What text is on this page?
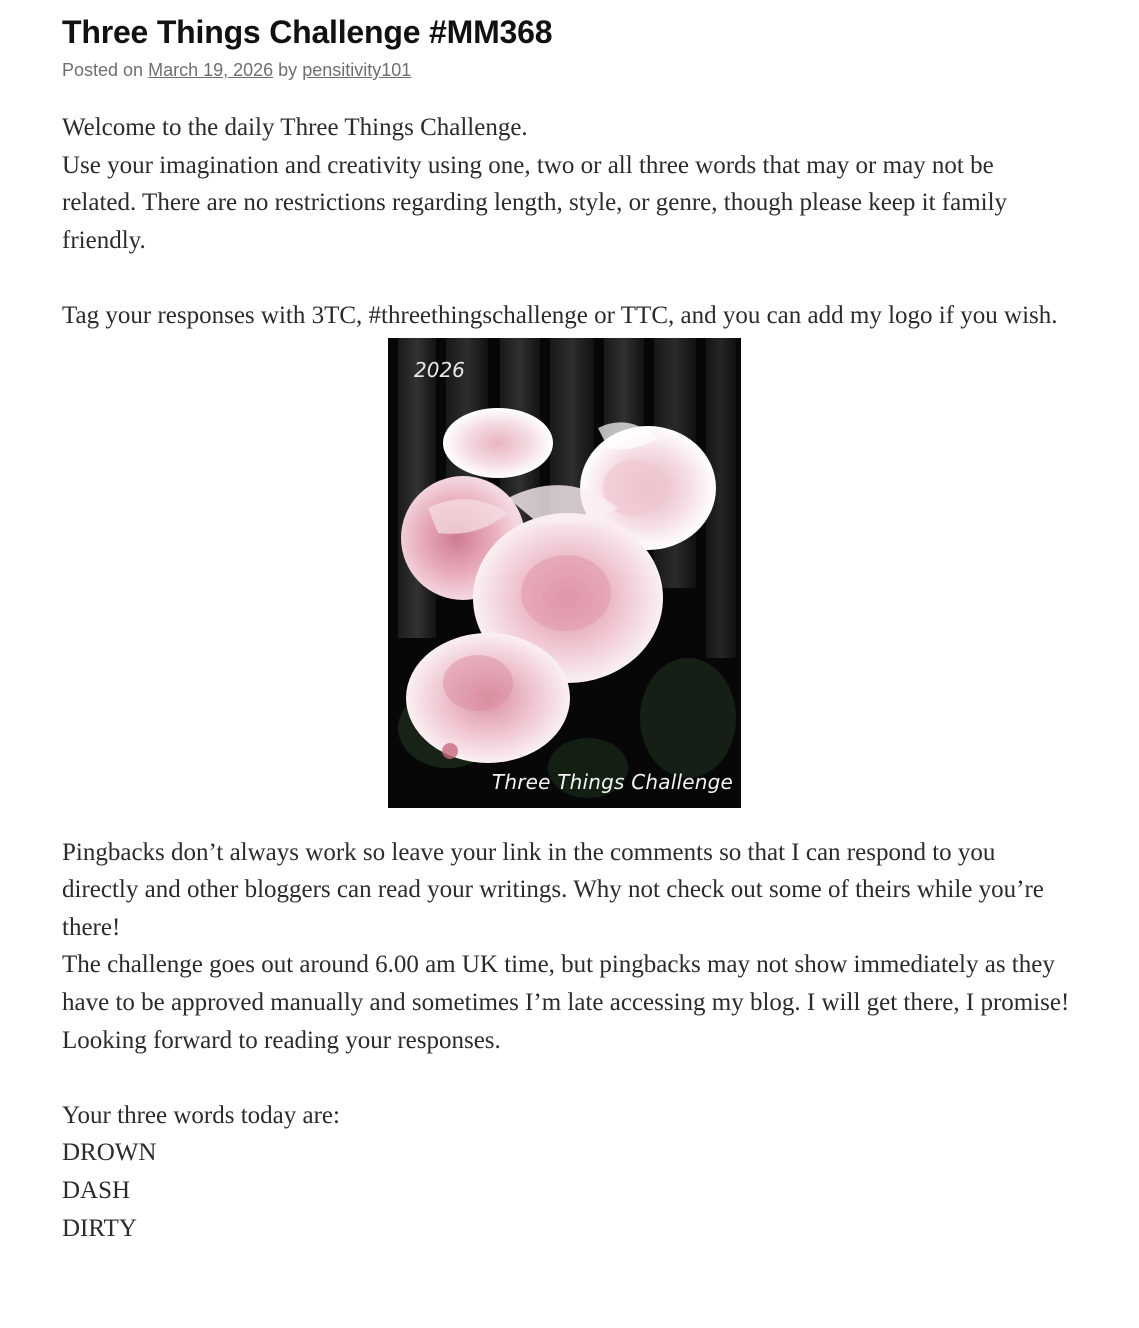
Three Things Challenge #MM368
Posted on March 19, 2026 by pensitivity101

Welcome to the daily Three Things Challenge.

Use your imagination and creativity using one, two or all three words that may or may not be related. There are no restrictions regarding length, style, or genre, though please keep it family friendly.

Tag your responses with 3TC, #threethingschallenge or TTC, and you can add my logo if you wish.

2026
Three Things Challenge

Pingbacks don’t always work so leave your link in the comments so that I can respond to you directly and other bloggers can read your writings. Why not check out some of theirs while you’re there!

The challenge goes out around 6.00 am UK time, but pingbacks may not show immediately as they have to be approved manually and sometimes I’m late accessing my blog. I will get there, I promise!

Looking forward to reading your responses.

Your three words today are:

DROWN

DASH

DIRTY
